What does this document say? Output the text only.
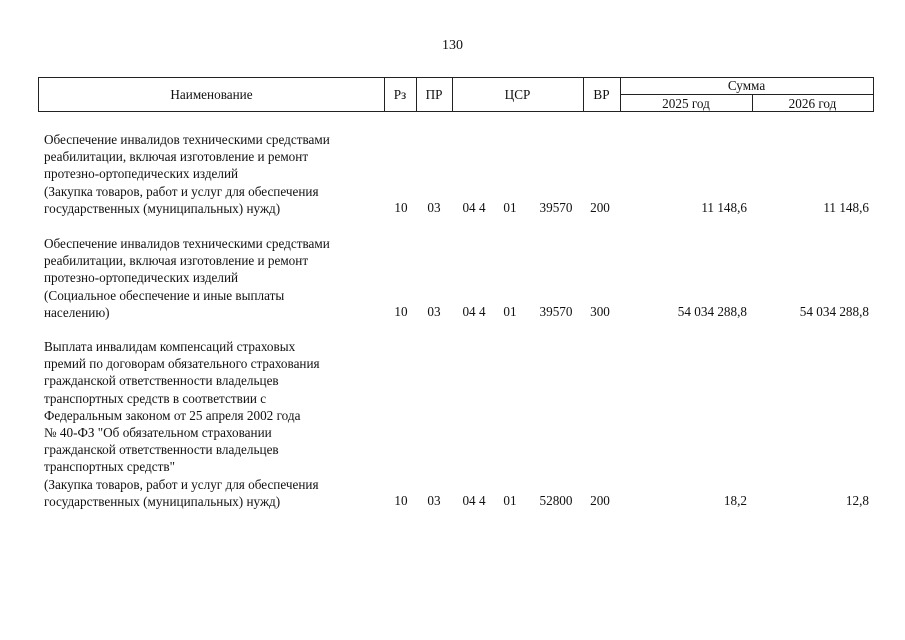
130
Наименование	Рз	ПР	ЦСР	ВР
Сумма
2025 год	2026 год
Обеспечение инвалидов техническими средствами
реабилитации, включая изготовление и ремонт
протезно-ортопедических изделий
(Закупка товаров, работ и услуг для обеспечения
государственных (муниципальных) нужд)	10	03	04 4	01	39570	200	11 148,6	11 148,6
Обеспечение инвалидов техническими средствами
реабилитации, включая изготовление и ремонт
протезно-ортопедических изделий
(Социальное обеспечение и иные выплаты
населению)	10	03	04 4	01	39570	300	54 034 288,8	54 034 288,8
Выплата инвалидам компенсаций страховых
премий по договорам обязательного страхования
гражданской ответственности владельцев
транспортных средств в соответствии с
Федеральным законом от 25 апреля 2002 года
№ 40-ФЗ "Об обязательном страховании
гражданской ответственности владельцев
транспортных средств"
(Закупка товаров, работ и услуг для обеспечения
государственных (муниципальных) нужд)	10	03	04 4	01	52800	200	18,2	12,8
